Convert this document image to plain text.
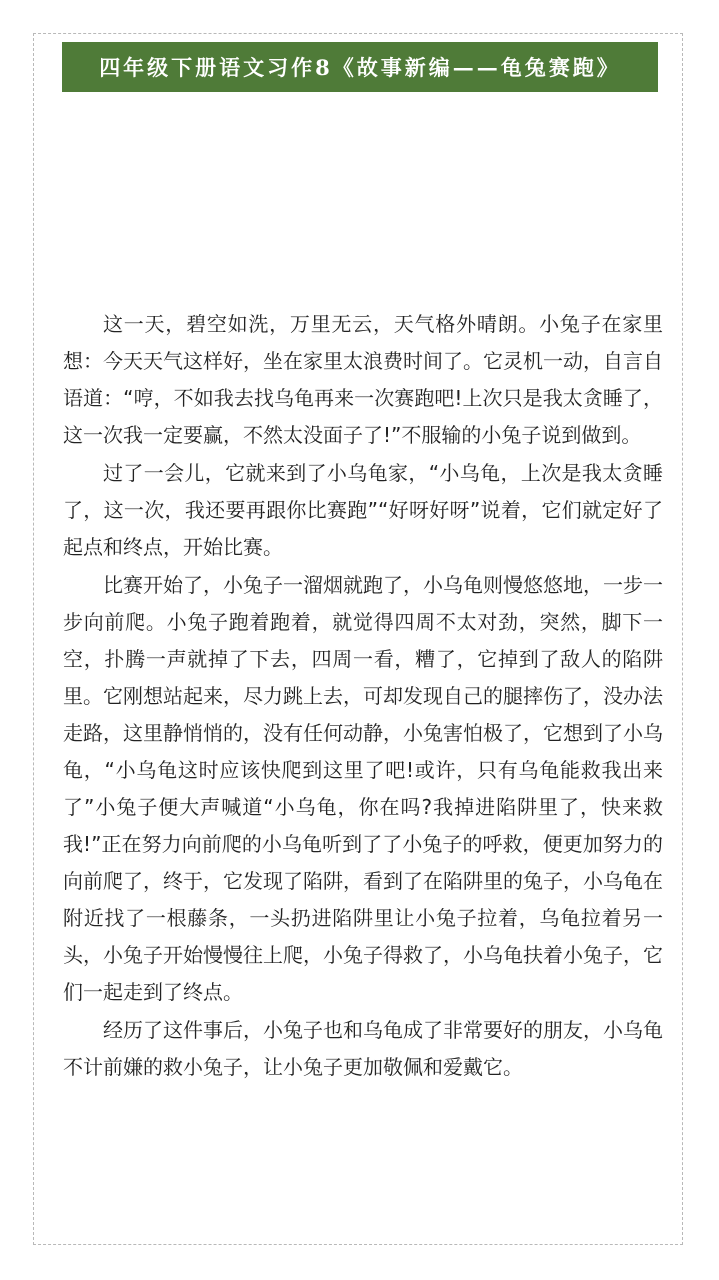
四年级下册语文习作8《故事新编——龟兔赛跑》

这一天，碧空如洗，万里无云，天气格外晴朗。小兔子在家里想：今天天气这样好，坐在家里太浪费时间了。它灵机一动，自言自语道：“哼，不如我去找乌龟再来一次赛跑吧!上次只是我太贪睡了，这一次我一定要赢，不然太没面子了!”不服输的小兔子说到做到。

过了一会儿，它就来到了小乌龟家，“小乌龟，上次是我太贪睡了，这一次，我还要再跟你比赛跑”“好呀好呀”说着，它们就定好了起点和终点，开始比赛。

比赛开始了，小兔子一溜烟就跑了，小乌龟则慢悠悠地，一步一步向前爬。小兔子跑着跑着，就觉得四周不太对劲，突然，脚下一空，扑腾一声就掉了下去，四周一看，糟了，它掉到了敌人的陷阱里。它刚想站起来，尽力跳上去，可却发现自己的腿摔伤了，没办法走路，这里静悄悄的，没有任何动静，小兔害怕极了，它想到了小乌龟，“小乌龟这时应该快爬到这里了吧!或许，只有乌龟能救我出来了”小兔子便大声喊道“小乌龟，你在吗?我掉进陷阱里了，快来救我!”正在努力向前爬的小乌龟听到了了小兔子的呼救，便更加努力的向前爬了，终于，它发现了陷阱，看到了在陷阱里的兔子，小乌龟在附近找了一根藤条，一头扔进陷阱里让小兔子拉着，乌龟拉着另一头，小兔子开始慢慢往上爬，小兔子得救了，小乌龟扶着小兔子，它们一起走到了终点。

经历了这件事后，小兔子也和乌龟成了非常要好的朋友，小乌龟不计前嫌的救小兔子，让小兔子更加敬佩和爱戴它。
